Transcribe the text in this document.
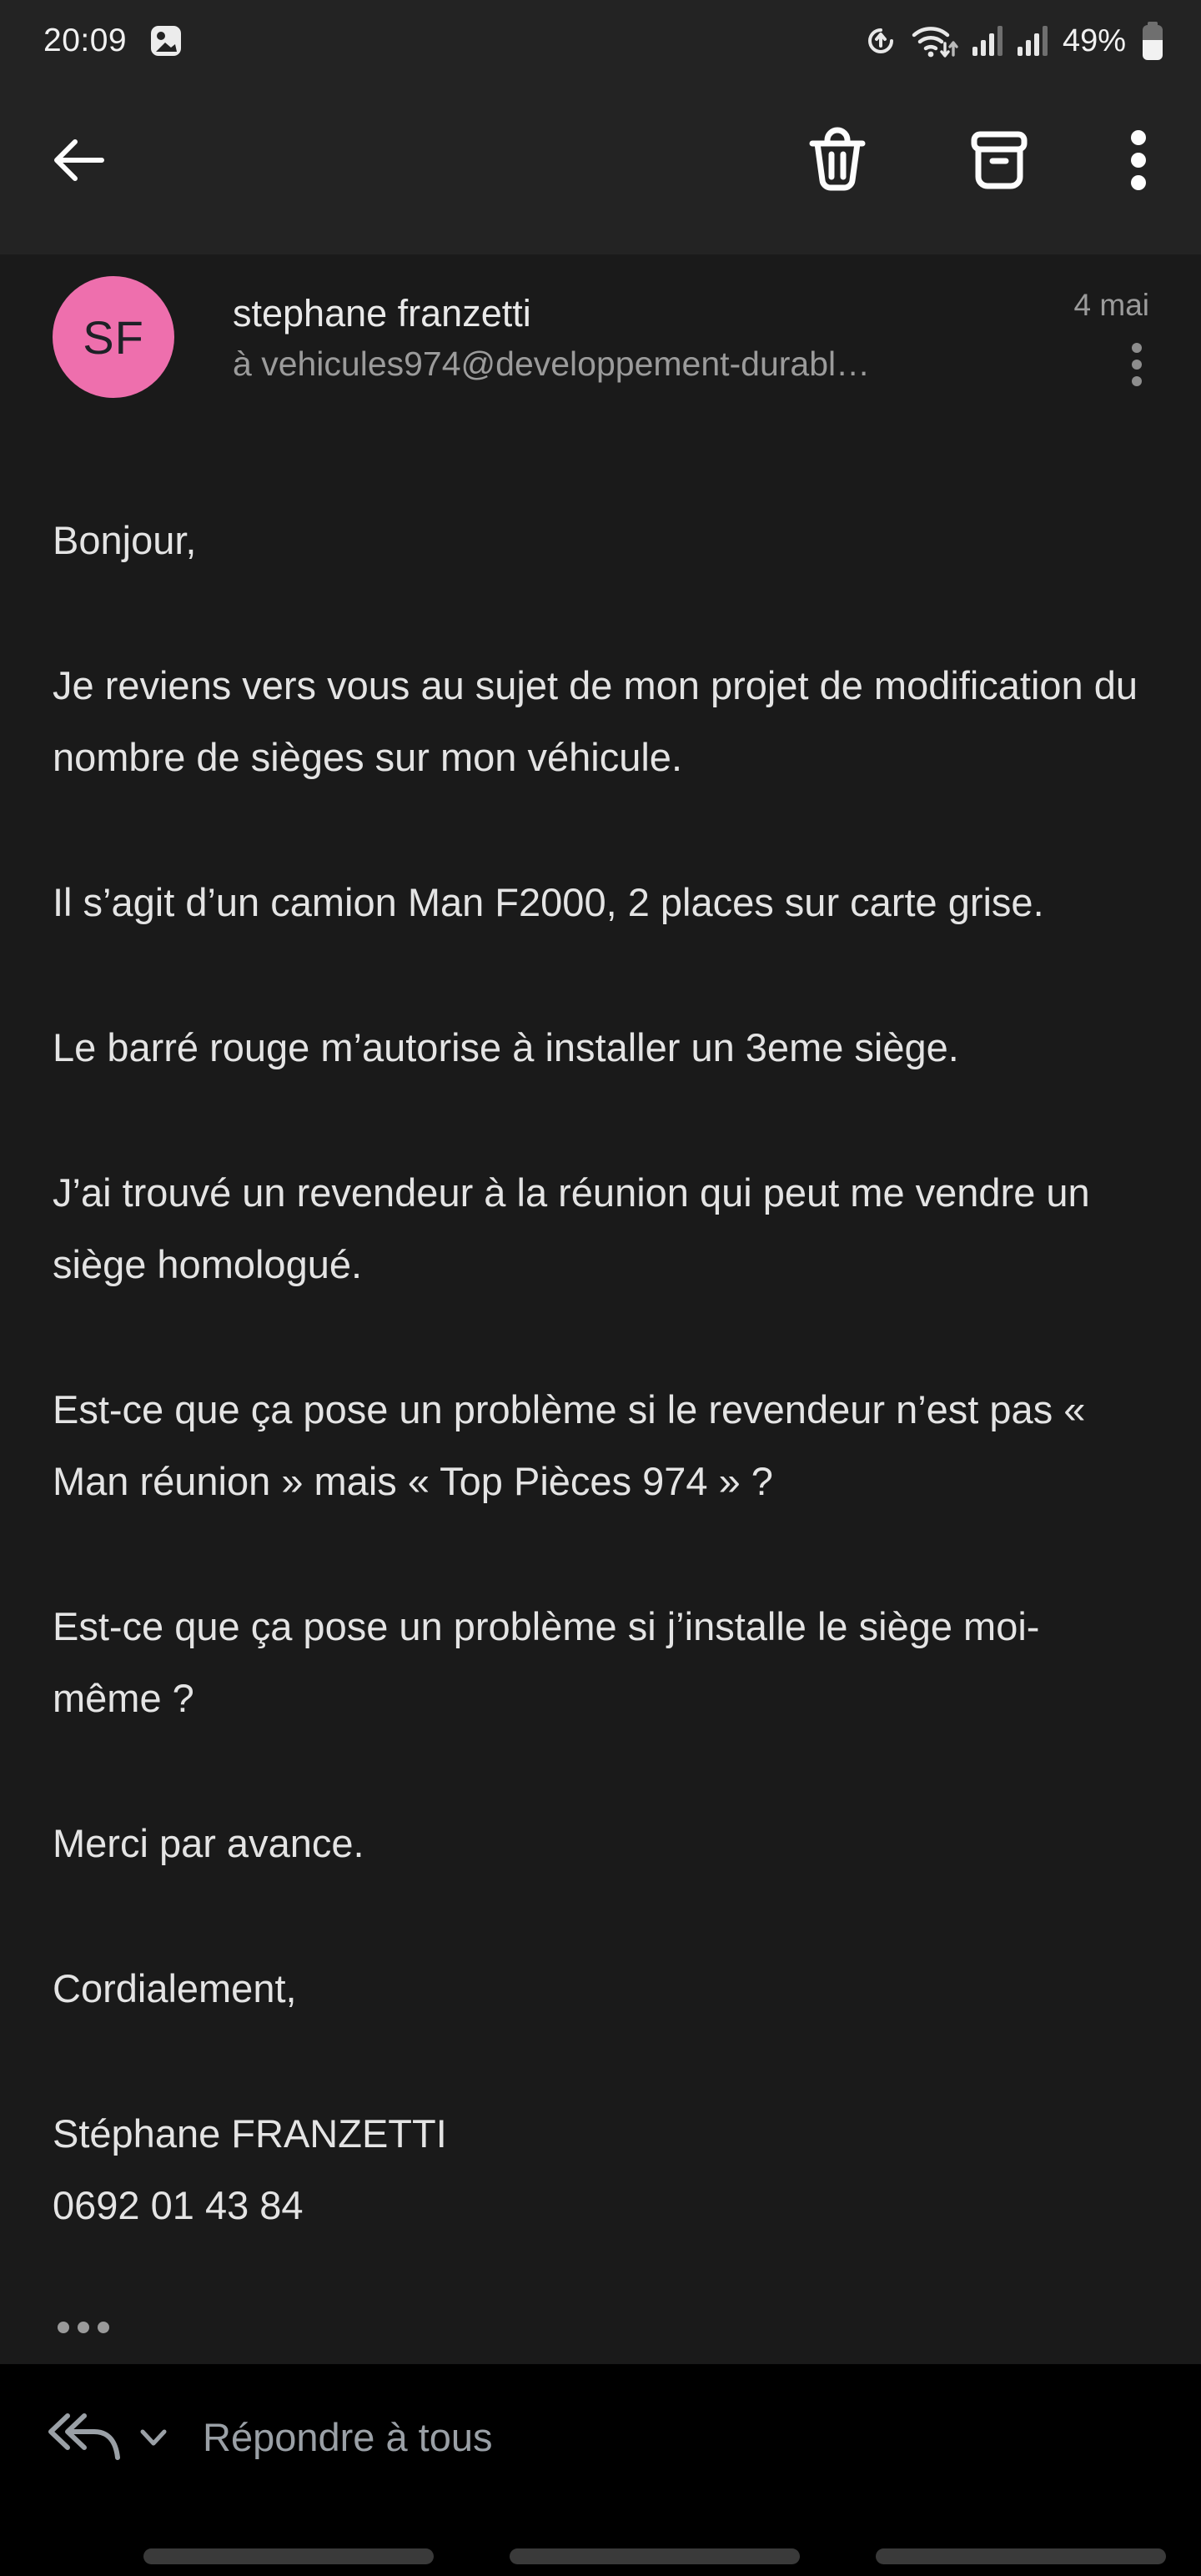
20:09	49%
SF stephane franzetti
à vehicules974@developpement-durabl…
4 mai

Bonjour,

Je reviens vers vous au sujet de mon projet de modification du nombre de sièges sur mon véhicule.

Il s’agit d’un camion Man F2000, 2 places sur carte grise.

Le barré rouge m’autorise à installer un 3eme siège.

J’ai trouvé un revendeur à la réunion qui peut me vendre un siège homologué.

Est-ce que ça pose un problème si le revendeur n’est pas « Man réunion » mais « Top Pièces 974 » ?

Est-ce que ça pose un problème si j’installe le siège moi-même ?

Merci par avance.

Cordialement,

Stéphane FRANZETTI
0692 01 43 84
Répondre à tous
